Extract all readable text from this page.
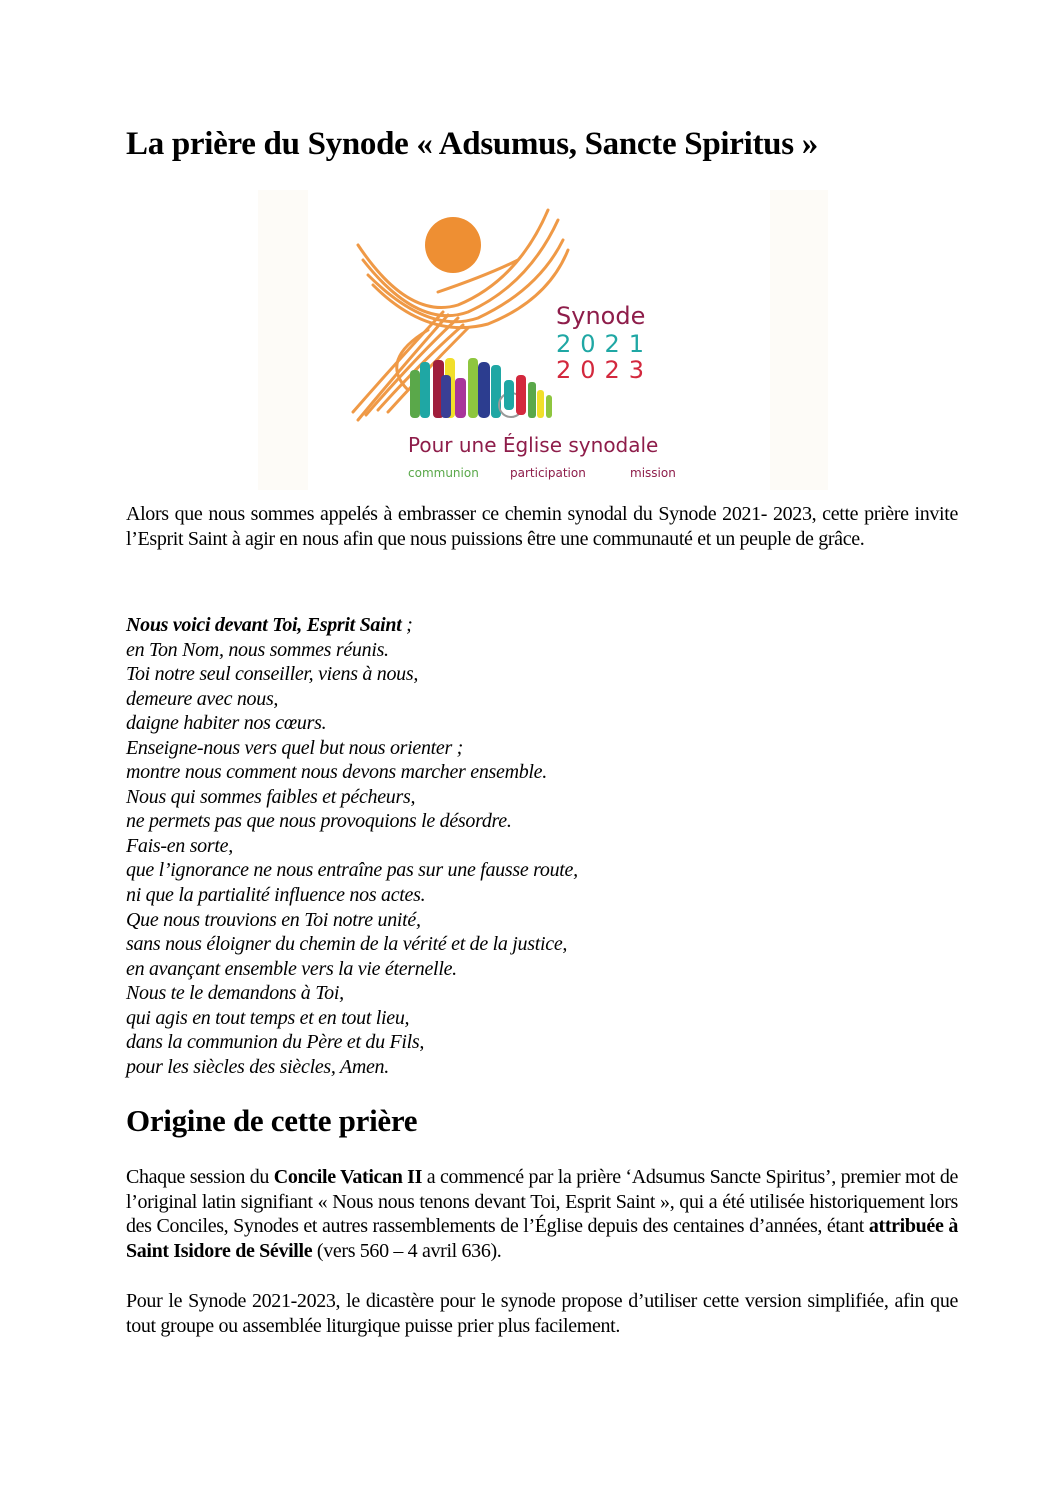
La prière du Synode « Adsumus, Sancte Spiritus »
Synode
2021
2023
Pour une Église synodale
communion	participation	mission

Alors que nous sommes appelés à embrasser ce chemin synodal du Synode 2021- 2023, cette prière invite l’Esprit Saint à agir en nous afin que nous puissions être une communauté et un peuple de grâce.

Nous voici devant Toi, Esprit Saint ;
en Ton Nom, nous sommes réunis.
Toi notre seul conseiller, viens à nous,
demeure avec nous,
daigne habiter nos cœurs.
Enseigne-nous vers quel but nous orienter ;
montre nous comment nous devons marcher ensemble.
Nous qui sommes faibles et pécheurs,
ne permets pas que nous provoquions le désordre.
Fais-en sorte,
que l’ignorance ne nous entraîne pas sur une fausse route,
ni que la partialité influence nos actes.
Que nous trouvions en Toi notre unité,
sans nous éloigner du chemin de la vérité et de la justice,
en avançant ensemble vers la vie éternelle.
Nous te le demandons à Toi,
qui agis en tout temps et en tout lieu,
dans la communion du Père et du Fils,
pour les siècles des siècles, Amen.
Origine de cette prière

Chaque session du Concile Vatican II a commencé par la prière ‘Adsumus Sancte Spiritus’, premier mot de l’original latin signifiant « Nous nous tenons devant Toi, Esprit Saint », qui a été utilisée historiquement lors des Conciles, Synodes et autres rassemblements de l’Église depuis des centaines d’années, étant attribuée à Saint Isidore de Séville (vers 560 – 4 avril 636).

Pour le Synode 2021-2023, le dicastère pour le synode propose d’utiliser cette version simplifiée, afin que tout groupe ou assemblée liturgique puisse prier plus facilement.
